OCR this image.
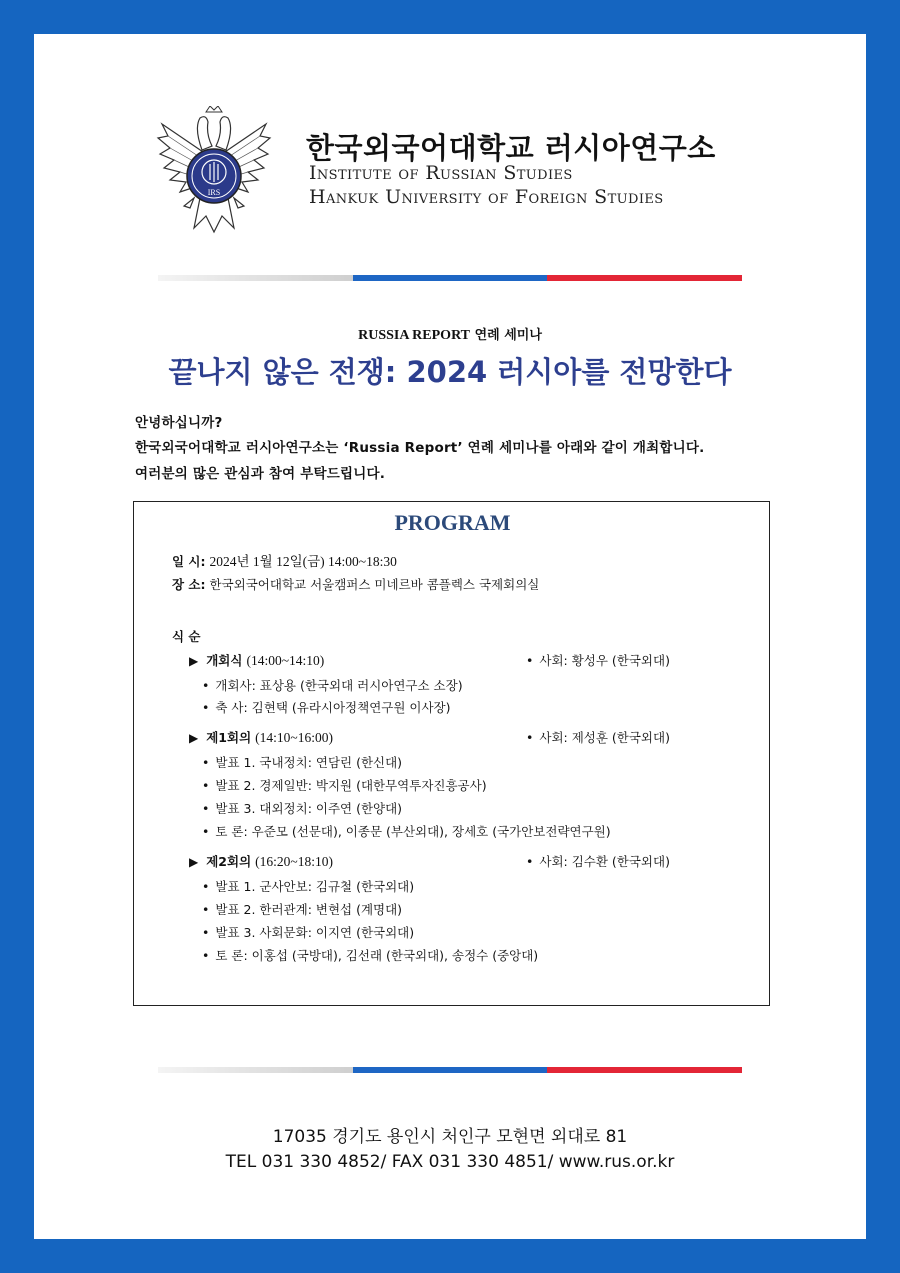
IRS
한국외국어대학교 러시아연구소
Institute of Russian Studies
Hankuk University of Foreign Studies
RUSSIA REPORT 연례 세미나
끝나지 않은 전쟁: 2024 러시아를 전망한다
안녕하십니까?
한국외국어대학교 러시아연구소는 ‘Russia Report’ 연례 세미나를 아래와 같이 개최합니다.
여러분의 많은 관심과 참여 부탁드립니다.
PROGRAM
일 시: 2024년 1월 12일(금) 14:00~18:30
장 소: 한국외국어대학교 서울캠퍼스 미네르바 콤플렉스 국제회의실
식 순
▶ 개회식 (14:00~14:10)	• 사회: 황성우 (한국외대)
• 개회사: 표상용 (한국외대 러시아연구소 소장)
• 축 사: 김현택 (유라시아정책연구원 이사장)
▶ 제1회의 (14:10~16:00)	• 사회: 제성훈 (한국외대)
• 발표 1. 국내정치: 연담린 (한신대)
• 발표 2. 경제일반: 박지원 (대한무역투자진흥공사)
• 발표 3. 대외정치: 이주연 (한양대)
• 토 론: 우준모 (선문대), 이종문 (부산외대), 장세호 (국가안보전략연구원)
▶ 제2회의 (16:20~18:10)	• 사회: 김수환 (한국외대)
• 발표 1. 군사안보: 김규철 (한국외대)
• 발표 2. 한러관계: 변현섭 (계명대)
• 발표 3. 사회문화: 이지연 (한국외대)
• 토 론: 이홍섭 (국방대), 김선래 (한국외대), 송정수 (중앙대)
17035 경기도 용인시 처인구 모현면 외대로 81
TEL 031 330 4852/ FAX 031 330 4851/ www.rus.or.kr
